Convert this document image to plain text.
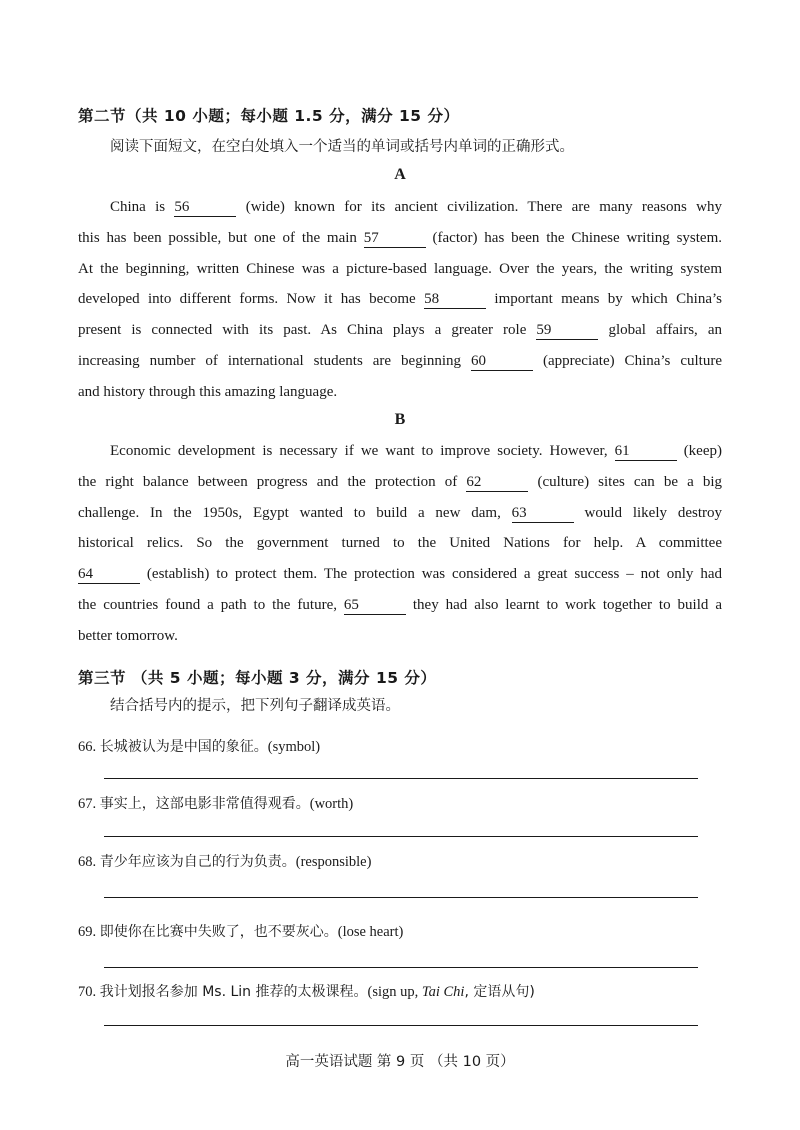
第二节（共 10 小题；每小题 1.5 分，满分 15 分）
阅读下面短文，在空白处填入一个适当的单词或括号内单词的正确形式。
A
China is 56	(wide) known for its ancient civilization. There are many reasons why
this has been possible, but one of the main 57	(factor) has been the Chinese writing system.
At the beginning, written Chinese was a picture-based language. Over the years, the writing system
developed into different forms. Now it has become 58	important means by which China’s
present is connected with its past. As China plays a greater role 59	global affairs, an
increasing number of international students are beginning 60	(appreciate) China’s culture
and history through this amazing language.
B
Economic development is necessary if we want to improve society. However, 61	(keep)
the right balance between progress and the protection of 62	(culture) sites can be a big
challenge. In the 1950s, Egypt wanted to build a new dam, 63	would likely destroy
historical relics. So the government turned to the United Nations for help. A committee
64	(establish) to protect them. The protection was considered a great success – not only had
the countries found a path to the future, 65	they had also learnt to work together to build a
better tomorrow.
第三节 （共 5 小题；每小题 3 分，满分 15 分）
结合括号内的提示，把下列句子翻译成英语。
66. 长城被认为是中国的象征。(symbol)
67. 事实上，这部电影非常值得观看。(worth)
68. 青少年应该为自己的行为负责。(responsible)
69. 即使你在比赛中失败了，也不要灰心。(lose heart)
70. 我计划报名参加 Ms. Lin 推荐的太极课程。(sign up, Tai Chi, 定语从句)
高一英语试题 第 9 页 （共 10 页）
